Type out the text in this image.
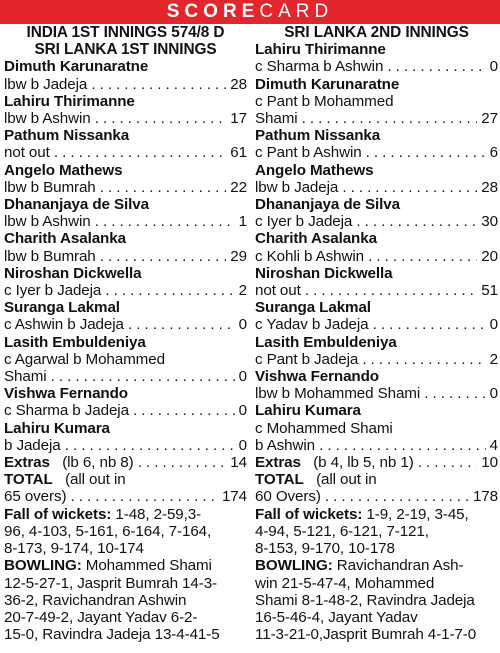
SCORECARD
INDIA 1ST INNINGS 574/8 D
SRI LANKA 1ST INNINGS
Dimuth Karunaratne
lbw b Jadeja . . .	28
Lahiru Thirimanne
lbw b Ashwin . . .	17
Pathum Nissanka
not out . . .	61
Angelo Mathews
lbw b Bumrah . . .	22
Dhananjaya de Silva
lbw b Ashwin . . .	1
Charith Asalanka
lbw b Bumrah . . .	29
Niroshan Dickwella
c Iyer b Jadeja . . .	2
Suranga Lakmal
c Ashwin b Jadeja . . .	0
Lasith Embuldeniya
c Agarwal b Mohammed
Shami . . .	0
Vishwa Fernando
c Sharma b Jadeja . . .	0
Lahiru Kumara
b Jadeja . . .	0
Extras (lb 6, nb 8) . . .	14
TOTAL (all out in
65 overs) . . .	174
Fall of wickets: 1-48, 2-59,3-
96, 4-103, 5-161, 6-164, 7-164,
8-173, 9-174, 10-174
BOWLING: Mohammed Shami
12-5-27-1, Jasprit Bumrah 14-3-
36-2, Ravichandran Ashwin
20-7-49-2, Jayant Yadav 6-2-
15-0, Ravindra Jadeja 13-4-41-5
SRI LANKA 2ND INNINGS
Lahiru Thirimanne
c Sharma b Ashwin . . .	0
Dimuth Karunaratne
c Pant b Mohammed
Shami . . .	27
Pathum Nissanka
c Pant b Ashwin . . .	6
Angelo Mathews
lbw b Jadeja . . .	28
Dhananjaya de Silva
c Iyer b Jadeja . . .	30
Charith Asalanka
c Kohli b Ashwin . . .	20
Niroshan Dickwella
not out . . .	51
Suranga Lakmal
c Yadav b Jadeja . . .	0
Lasith Embuldeniya
c Pant b Jadeja . . .	2
Vishwa Fernando
lbw b Mohammed Shami . . .	0
Lahiru Kumara
c Mohammed Shami
b Ashwin . . .	4
Extras (b 4, lb 5, nb 1) . . .	10
TOTAL (all out in
60 Overs) . . .	178
Fall of wickets: 1-9, 2-19, 3-45,
4-94, 5-121, 6-121, 7-121,
8-153, 9-170, 10-178
BOWLING: Ravichandran Ash-
win 21-5-47-4, Mohammed
Shami 8-1-48-2, Ravindra Jadeja
16-5-46-4, Jayant Yadav
11-3-21-0,Jasprit Bumrah 4-1-7-0
